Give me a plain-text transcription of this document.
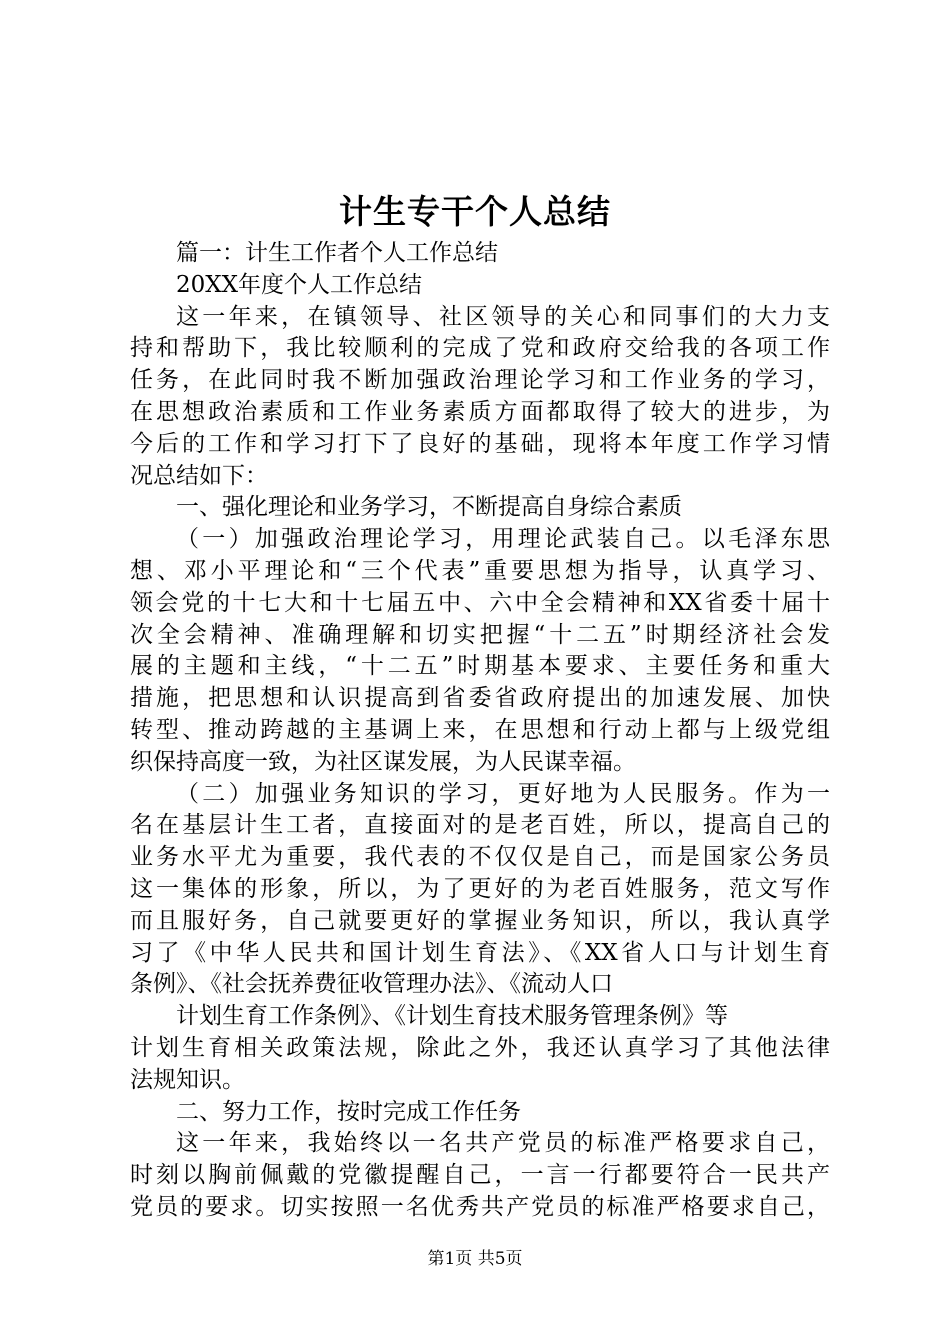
计生专干个人总结
篇一：计生工作者个人工作总结
20XX年度个人工作总结
这一年来，在镇领导、社区领导的关心和同事们的大力支
持和帮助下，我比较顺利的完成了党和政府交给我的各项工作
任务，在此同时我不断加强政治理论学习和工作业务的学习，
在思想政治素质和工作业务素质方面都取得了较大的进步，为
今后的工作和学习打下了良好的基础，现将本年度工作学习情
况总结如下：
一、强化理论和业务学习，不断提高自身综合素质
（一）加强政治理论学习，用理论武装自己。以毛泽东思
想、邓小平理论和“三个代表”重要思想为指导，认真学习、
领会党的十七大和十七届五中、六中全会精神和XX省委十届十
次全会精神、准确理解和切实把握“十二五”时期经济社会发
展的主题和主线，“十二五”时期基本要求、主要任务和重大
措施，把思想和认识提高到省委省政府提出的加速发展、加快
转型、推动跨越的主基调上来，在思想和行动上都与上级党组
织保持高度一致，为社区谋发展，为人民谋幸福。
（二）加强业务知识的学习，更好地为人民服务。作为一
名在基层计生工者，直接面对的是老百姓，所以，提高自己的
业务水平尤为重要，我代表的不仅仅是自己，而是国家公务员
这一集体的形象，所以，为了更好的为老百姓服务，范文写作
而且服好务，自己就要更好的掌握业务知识，所以，我认真学
习了《中华人民共和国计划生育法》、《XX省人口与计划生育
条例》、《社会抚养费征收管理办法》、《流动人口
计划生育工作条例》、《计划生育技术服务管理条例》等
计划生育相关政策法规，除此之外，我还认真学习了其他法律
法规知识。
二、努力工作，按时完成工作任务
这一年来，我始终以一名共产党员的标准严格要求自己，
时刻以胸前佩戴的党徽提醒自己，一言一行都要符合一民共产
党员的要求。切实按照一名优秀共产党员的标准严格要求自己，
第1页 共5页
